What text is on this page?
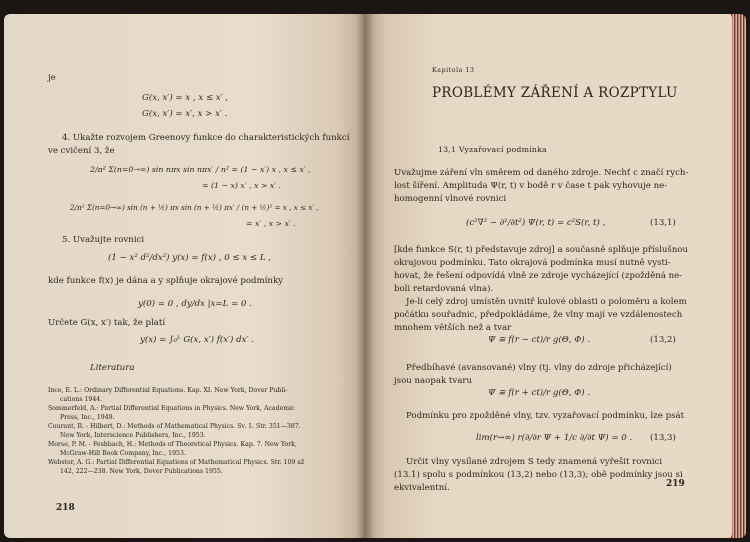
je
G(x, x′) = x , x ≤ x′ ,
G(x, x′) = x′, x > x′ .
4. Ukažte rozvojem Greenovy funkce do charakteristických funkcí
ve cvičení 3, že
2/π² Σ(n=0→∞) sin nπx sin nπx′ / n² = (1 − x′) x , x ≤ x′ ,
= (1 − x) x′ , x > x′ .
2/π² Σ(n=0→∞) sin (n + ½) πx sin (n + ½) πx′ / (n + ½)² = x , x ≤ x′ ,
= x′ , x > x′ .
5. Uvažujte rovnici
(1 − x² d²/dx²) y(x) = f(x) , 0 ≤ x ≤ L ,
kde funkce f(x) je dána a y splňuje okrajové podmínky
y(0) = 0 , dy/dx |x=L = 0 .
Určete G(x, x′) tak, že platí
y(x) = ∫₀ᴸ G(x, x′) f(x′) dx′ .
Literatura
Ince, E. L.: Ordinary Differential Equations. Kap. XI. New York, Dover Publi-
cations 1944.
Sommerfeld, A.: Partial Differential Equations in Physics. New York, Academic
Press, Inc., 1949.
Courant, R. - Hilbert, D.: Methods of Mathematical Physics. Sv. 1. Str. 351—387.
New York, Interscience Publishers, Inc., 1953.
Morse, P. M. - Feshbach, H.: Methods of Theoretical Physics. Kap. 7. New York,
McGraw-Hill Book Company, Inc., 1953.
Webster, A. G.: Partial Differential Equations of Mathematical Physics. Str. 109 až
142, 222—238. New York, Dover Publications 1955.
218
Kapitola 13
PROBLÉMY ZÁŘENÍ A ROZPTYLU
13,1 Vyzařovací podmínka
Uvažujme záření vln směrem od daného zdroje. Nechť c značí rych-
lost šíření. Amplituda Ψ(r, t) v bodě r v čase t pak vyhovuje ne-
homogenní vlnové rovnici
(c²∇² − ∂²/∂t²) Ψ(r, t) = c²S(r, t) ,	(13,1)
[kde funkce S(r, t) představuje zdroj] a současně splňuje příslušnou
okrajovou podmínku. Tato okrajová podmínka musí nutně vysti-
hovat, že řešení odpovídá vlně ze zdroje vycházející (zpožděná ne-
boli retardovaná vlna).
Je-li celý zdroj umístěn uvnitř kulové oblasti o poloměru a kolem
počátku souřadnic, předpokládáme, že vlny mají ve vzdálenostech
mnohem větších než a tvar
Ψ ≅ f(r − ct)/r g(Θ, Φ) .	(13,2)
Předbíhavé (avansované) vlny (tj. vlny do zdroje přicházející)
jsou naopak tvaru
Ψ ≅ f(r + ct)/r g(Θ, Φ) .
Podmínku pro zpožděné vlny, tzv. vyzařovací podmínku, lze psát
lim(r→∞) r(∂/∂r Ψ + 1/c ∂/∂t Ψ) = 0 . (13,3)
Určit vlny vysílané zdrojem S tedy znamená vyřešit rovnici
(13.1) spolu s podmínkou (13,2) nebo (13,3); obě podmínky jsou si
ekvivalentní.	219
